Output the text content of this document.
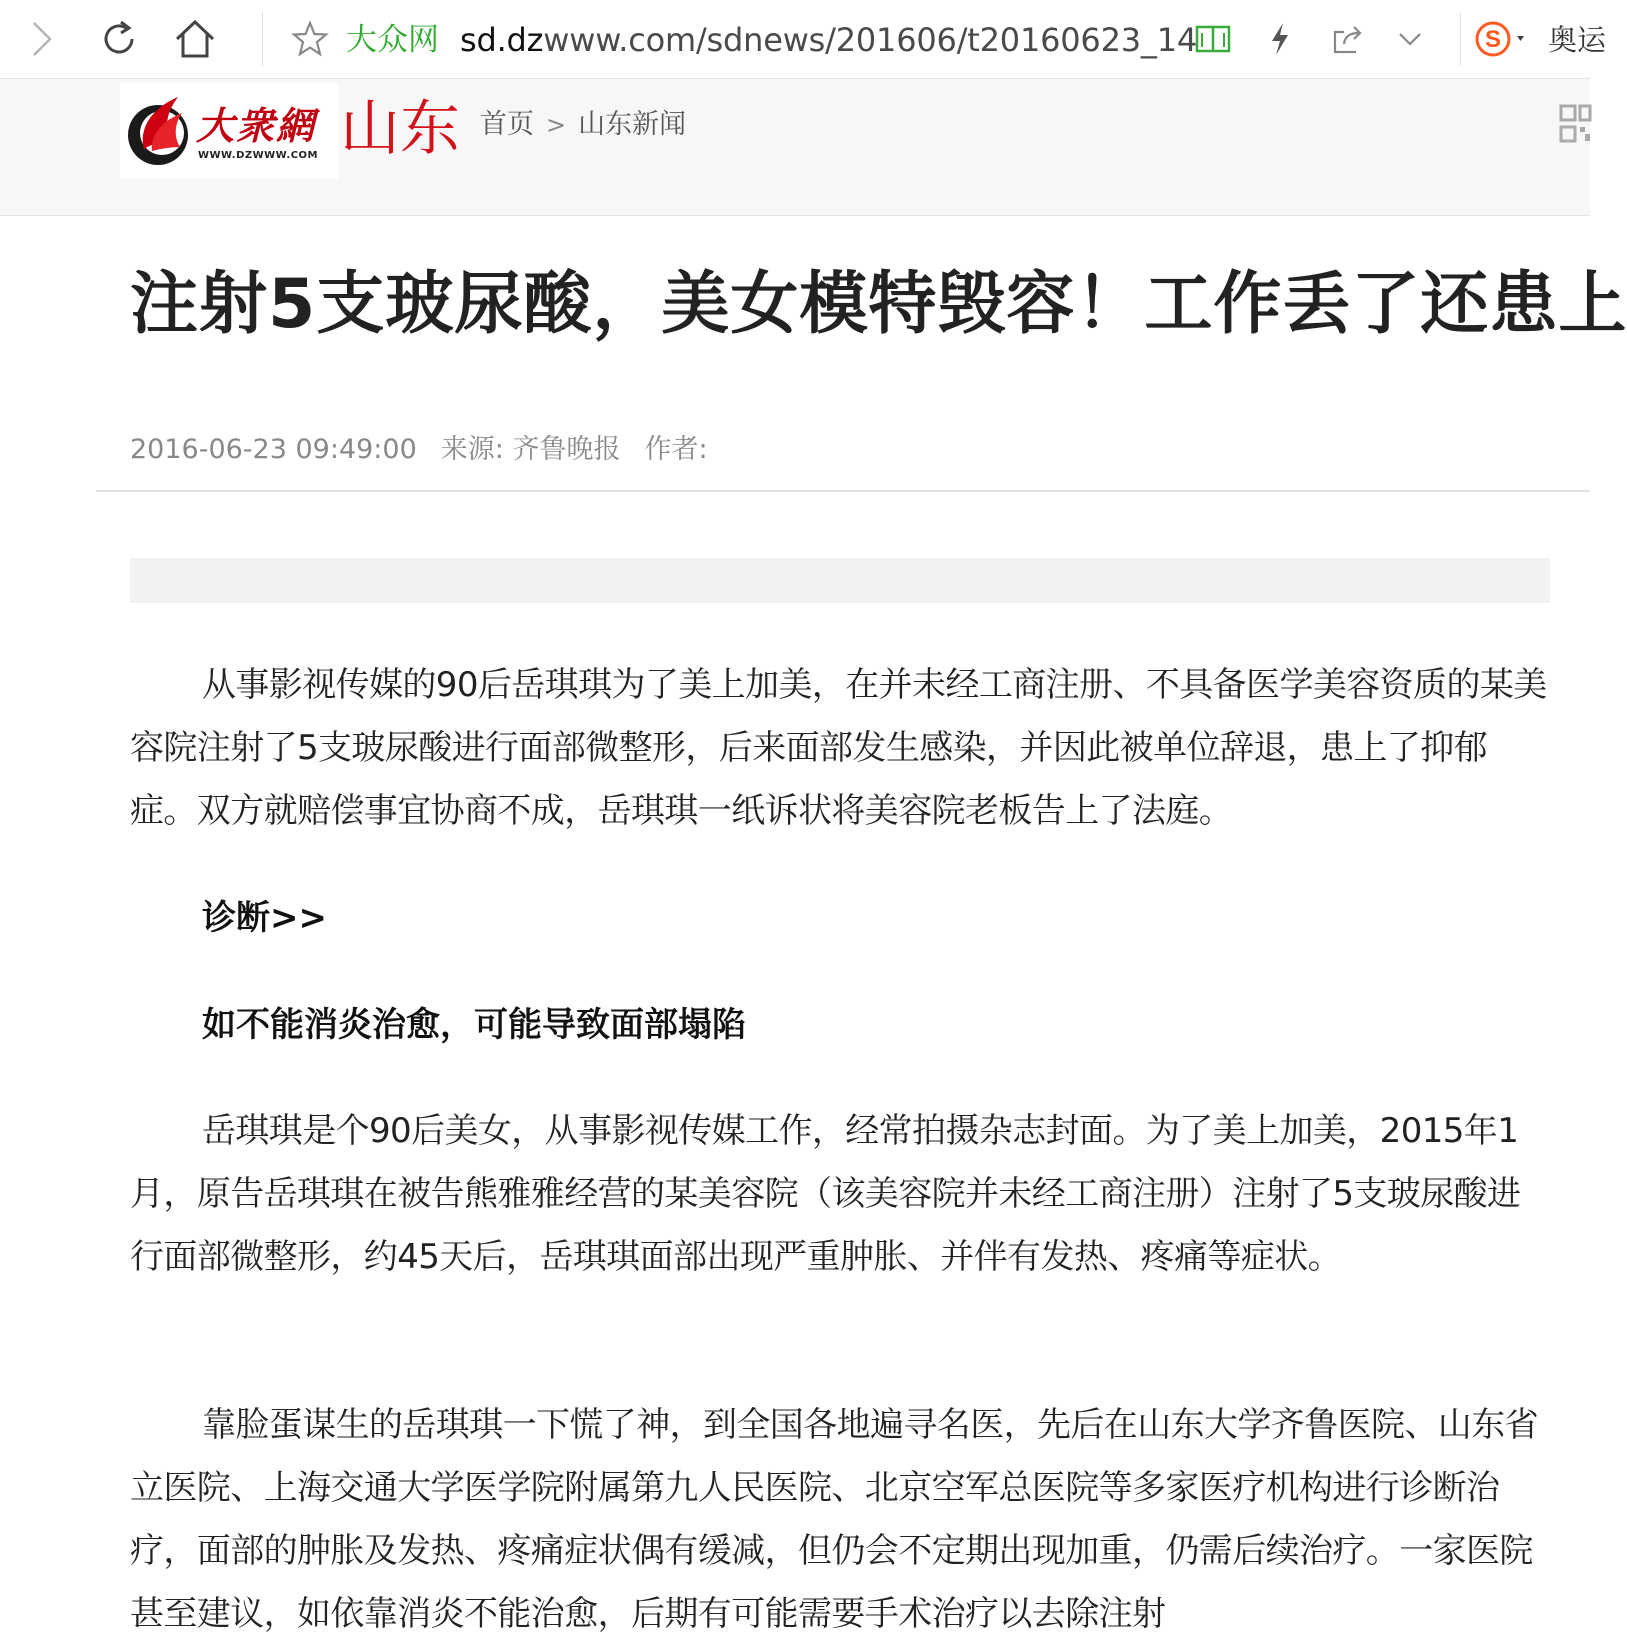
大众网 sd.dzwww.com/sdnews/201606/t20160623_14	S 奥运
大衆網
WWW.DZWWW.COM 山东 首页 > 山东新闻
注射5支玻尿酸，美女模特毁容！工作丢了还患上
2016-06-23 09:49:00 来源: 齐鲁晚报 作者:

从事影视传媒的90后岳琪琪为了美上加美，在并未经工商注册、不具备医学美容资质的某美容院注射了5支玻尿酸进行面部微整形，后来面部发生感染，并因此被单位辞退，患上了抑郁症。双方就赔偿事宜协商不成，岳琪琪一纸诉状将美容院老板告上了法庭。

诊断>>
如不能消炎治愈，可能导致面部塌陷

岳琪琪是个90后美女，从事影视传媒工作，经常拍摄杂志封面。为了美上加美，2015年1月，原告岳琪琪在被告熊雅雅经营的某美容院（该美容院并未经工商注册）注射了5支玻尿酸进行面部微整形，约45天后，岳琪琪面部出现严重肿胀、并伴有发热、疼痛等症状。

靠脸蛋谋生的岳琪琪一下慌了神，到全国各地遍寻名医，先后在山东大学齐鲁医院、山东省立医院、上海交通大学医学院附属第九人民医院、北京空军总医院等多家医疗机构进行诊断治疗，面部的肿胀及发热、疼痛症状偶有缓减，但仍会不定期出现加重，仍需后续治疗。一家医院甚至建议，如依靠消炎不能治愈，后期有可能需要手术治疗以去除注射
